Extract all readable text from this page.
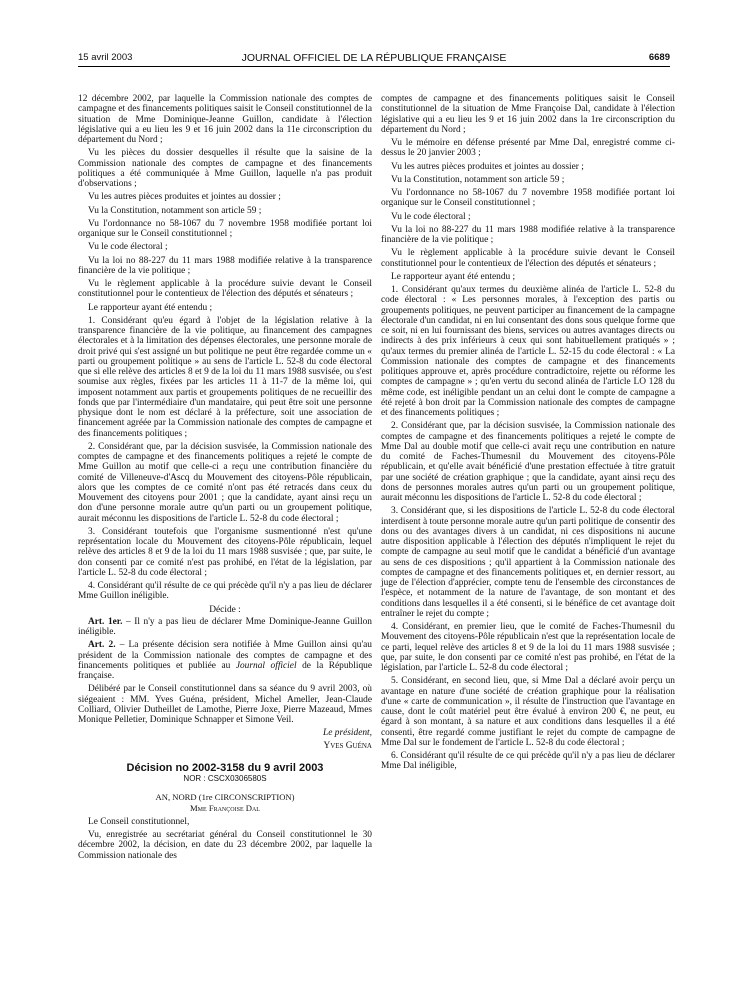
15 avril 2003	JOURNAL OFFICIEL DE LA RÉPUBLIQUE FRANÇAISE	6689

12 décembre 2002, par laquelle la Commission nationale des comptes de campagne et des financements politiques saisit le Conseil constitutionnel de la situation de Mme Dominique-Jeanne Guillon, candidate à l'élection législative qui a eu lieu les 9 et 16 juin 2002 dans la 11e circonscription du département du Nord ;

Vu les pièces du dossier desquelles il résulte que la saisine de la Commission nationale des comptes de campagne et des financements politiques a été communiquée à Mme Guillon, laquelle n'a pas produit d'observations ;

Vu les autres pièces produites et jointes au dossier ;

Vu la Constitution, notamment son article 59 ;

Vu l'ordonnance no 58-1067 du 7 novembre 1958 modifiée portant loi organique sur le Conseil constitutionnel ;

Vu le code électoral ;

Vu la loi no 88-227 du 11 mars 1988 modifiée relative à la transparence financière de la vie politique ;

Vu le règlement applicable à la procédure suivie devant le Conseil constitutionnel pour le contentieux de l'élection des députés et sénateurs ;

Le rapporteur ayant été entendu ;

1. Considérant qu'eu égard à l'objet de la législation relative à la transparence financière de la vie politique, au financement des campagnes électorales et à la limitation des dépenses électorales, une personne morale de droit privé qui s'est assigné un but politique ne peut être regardée comme un « parti ou groupement politique » au sens de l'article L. 52-8 du code électoral que si elle relève des articles 8 et 9 de la loi du 11 mars 1988 susvisée, ou s'est soumise aux règles, fixées par les articles 11 à 11-7 de la même loi, qui imposent notamment aux partis et groupements politiques de ne recueillir des fonds que par l'intermédiaire d'un mandataire, qui peut être soit une personne physique dont le nom est déclaré à la préfecture, soit une association de financement agréée par la Commission nationale des comptes de campagne et des financements politiques ;

2. Considérant que, par la décision susvisée, la Commission nationale des comptes de campagne et des financements politiques a rejeté le compte de Mme Guillon au motif que celle-ci a reçu une contribution financière du comité de Villeneuve-d'Ascq du Mouvement des citoyens-Pôle républicain, alors que les comptes de ce comité n'ont pas été retracés dans ceux du Mouvement des citoyens pour 2001 ; que la candidate, ayant ainsi reçu un don d'une personne morale autre qu'un parti ou un groupement politique, aurait méconnu les dispositions de l'article L. 52-8 du code électoral ;

3. Considérant toutefois que l'organisme susmentionné n'est qu'une représentation locale du Mouvement des citoyens-Pôle républicain, lequel relève des articles 8 et 9 de la loi du 11 mars 1988 susvisée ; que, par suite, le don consenti par ce comité n'est pas prohibé, en l'état de la législation, par l'article L. 52-8 du code électoral ;

4. Considérant qu'il résulte de ce qui précède qu'il n'y a pas lieu de déclarer Mme Guillon inéligible.

Décide :

Art. 1er. – Il n'y a pas lieu de déclarer Mme Dominique-Jeanne Guillon inéligible.

Art. 2. – La présente décision sera notifiée à Mme Guillon ainsi qu'au président de la Commission nationale des comptes de campagne et des financements politiques et publiée au Journal officiel de la République française.

Délibéré par le Conseil constitutionnel dans sa séance du 9 avril 2003, où siégeaient : MM. Yves Guéna, président, Michel Ameller, Jean-Claude Colliard, Olivier Dutheillet de Lamothe, Pierre Joxe, Pierre Mazeaud, Mmes Monique Pelletier, Dominique Schnapper et Simone Veil.

Le président,

Yves Guéna

Décision no 2002-3158 du 9 avril 2003

NOR : CSCX0306580S

AN, NORD (1re CIRCONSCRIPTION)

Mme Françoise Dal

Le Conseil constitutionnel,

Vu, enregistrée au secrétariat général du Conseil constitutionnel le 30 décembre 2002, la décision, en date du 23 décembre 2002, par laquelle la Commission nationale des

comptes de campagne et des financements politiques saisit le Conseil constitutionnel de la situation de Mme Françoise Dal, candidate à l'élection législative qui a eu lieu les 9 et 16 juin 2002 dans la 1re circonscription du département du Nord ;

Vu le mémoire en défense présenté par Mme Dal, enregistré comme ci-dessus le 20 janvier 2003 ;

Vu les autres pièces produites et jointes au dossier ;

Vu la Constitution, notamment son article 59 ;

Vu l'ordonnance no 58-1067 du 7 novembre 1958 modifiée portant loi organique sur le Conseil constitutionnel ;

Vu le code électoral ;

Vu la loi no 88-227 du 11 mars 1988 modifiée relative à la transparence financière de la vie politique ;

Vu le règlement applicable à la procédure suivie devant le Conseil constitutionnel pour le contentieux de l'élection des députés et sénateurs ;

Le rapporteur ayant été entendu ;

1. Considérant qu'aux termes du deuxième alinéa de l'article L. 52-8 du code électoral : « Les personnes morales, à l'exception des partis ou groupements politiques, ne peuvent participer au financement de la campagne électorale d'un candidat, ni en lui consentant des dons sous quelque forme que ce soit, ni en lui fournissant des biens, services ou autres avantages directs ou indirects à des prix inférieurs à ceux qui sont habituellement pratiqués » ; qu'aux termes du premier alinéa de l'article L. 52-15 du code électoral : « La Commission nationale des comptes de campagne et des financements politiques approuve et, après procédure contradictoire, rejette ou réforme les comptes de campagne » ; qu'en vertu du second alinéa de l'article LO 128 du même code, est inéligible pendant un an celui dont le compte de campagne a été rejeté à bon droit par la Commission nationale des comptes de campagne et des financements politiques ;

2. Considérant que, par la décision susvisée, la Commission nationale des comptes de campagne et des financements politiques a rejeté le compte de Mme Dal au double motif que celle-ci avait reçu une contribution en nature du comité de Faches-Thumesnil du Mouvement des citoyens-Pôle républicain, et qu'elle avait bénéficié d'une prestation effectuée à titre gratuit par une société de création graphique ; que la candidate, ayant ainsi reçu des dons de personnes morales autres qu'un parti ou un groupement politique, aurait méconnu les dispositions de l'article L. 52-8 du code électoral ;

3. Considérant que, si les dispositions de l'article L. 52-8 du code électoral interdisent à toute personne morale autre qu'un parti politique de consentir des dons ou des avantages divers à un candidat, ni ces dispositions ni aucune autre disposition applicable à l'élection des députés n'impliquent le rejet du compte de campagne au seul motif que le candidat a bénéficié d'un avantage au sens de ces dispositions ; qu'il appartient à la Commission nationale des comptes de campagne et des financements politiques et, en dernier ressort, au juge de l'élection d'apprécier, compte tenu de l'ensemble des circonstances de l'espèce, et notamment de la nature de l'avantage, de son montant et des conditions dans lesquelles il a été consenti, si le bénéfice de cet avantage doit entraîner le rejet du compte ;

4. Considérant, en premier lieu, que le comité de Faches-Thumesnil du Mouvement des citoyens-Pôle républicain n'est que la représentation locale de ce parti, lequel relève des articles 8 et 9 de la loi du 11 mars 1988 susvisée ; que, par suite, le don consenti par ce comité n'est pas prohibé, en l'état de la législation, par l'article L. 52-8 du code électoral ;

5. Considérant, en second lieu, que, si Mme Dal a déclaré avoir perçu un avantage en nature d'une société de création graphique pour la réalisation d'une « carte de communication », il résulte de l'instruction que l'avantage en cause, dont le coût matériel peut être évalué à environ 200 €, ne peut, eu égard à son montant, à sa nature et aux conditions dans lesquelles il a été consenti, être regardé comme justifiant le rejet du compte de campagne de Mme Dal sur le fondement de l'article L. 52-8 du code électoral ;

6. Considérant qu'il résulte de ce qui précède qu'il n'y a pas lieu de déclarer Mme Dal inéligible,
